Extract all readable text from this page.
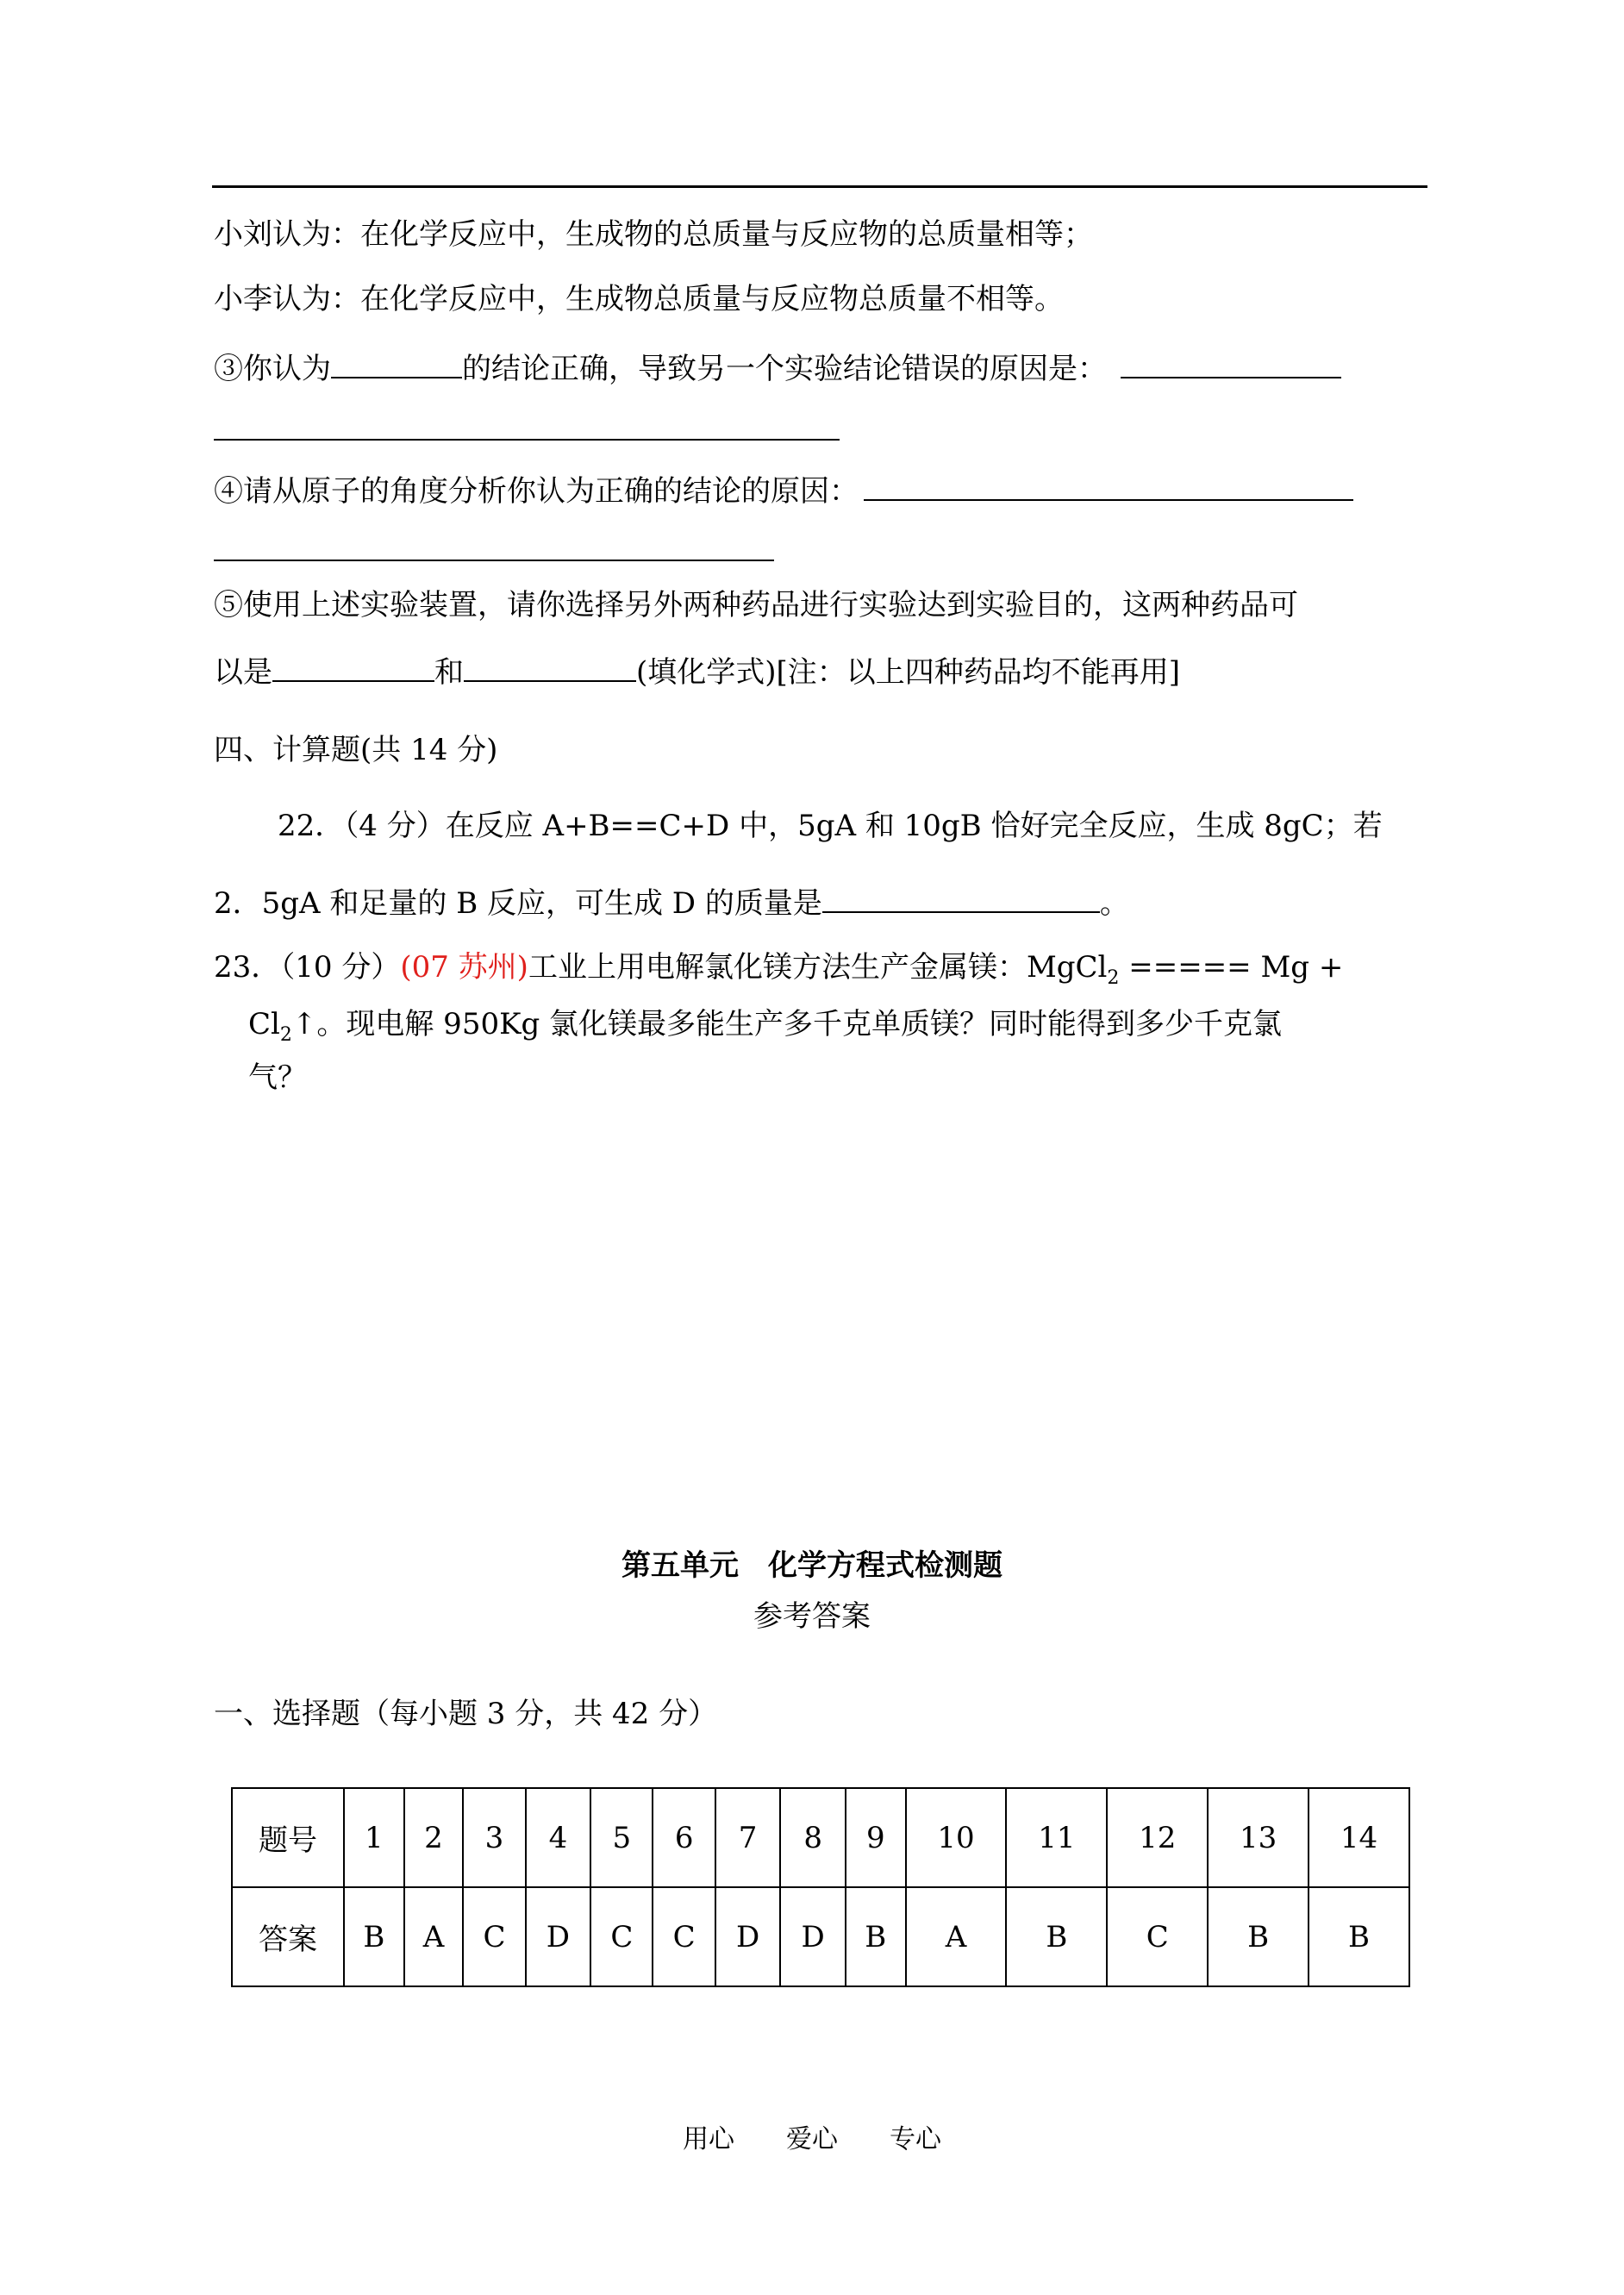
小刘认为：在化学反应中，生成物的总质量与反应物的总质量相等；
小李认为：在化学反应中，生成物总质量与反应物总质量不相等。
③你认为	的结论正确，导致另一个实验结论错误的原因是：
④请从原子的角度分析你认为正确的结论的原因：
⑤使用上述实验装置，请你选择另外两种药品进行实验达到实验目的，这两种药品可
以是	和	(填化学式)[注：以上四种药品均不能再用]
四、计算题(共 14 分)
22．（4 分）在反应 A+B==C+D 中，5gA 和 10gB 恰好完全反应，生成 8gC；若
2．5gA 和足量的 B 反应，可生成 D 的质量是	。
23．（10 分）(07 苏州)工业上用电解氯化镁方法生产金属镁：MgCl$_2$ ===== Mg +
$Cl_2↑$。现电解 950Kg 氯化镁最多能生产多千克单质镁？同时能得到多少千克氯
气？
第五单元　化学方程式检测题
参考答案
一、选择题（每小题 3 分，共 42 分）
题号	1	2	3	4	5	6	7	8	9	10	11	12	13	14
答案	B	A	C	D	C	C	D	D	B	A	B	C	B	B
用心　　爱心　　专心
